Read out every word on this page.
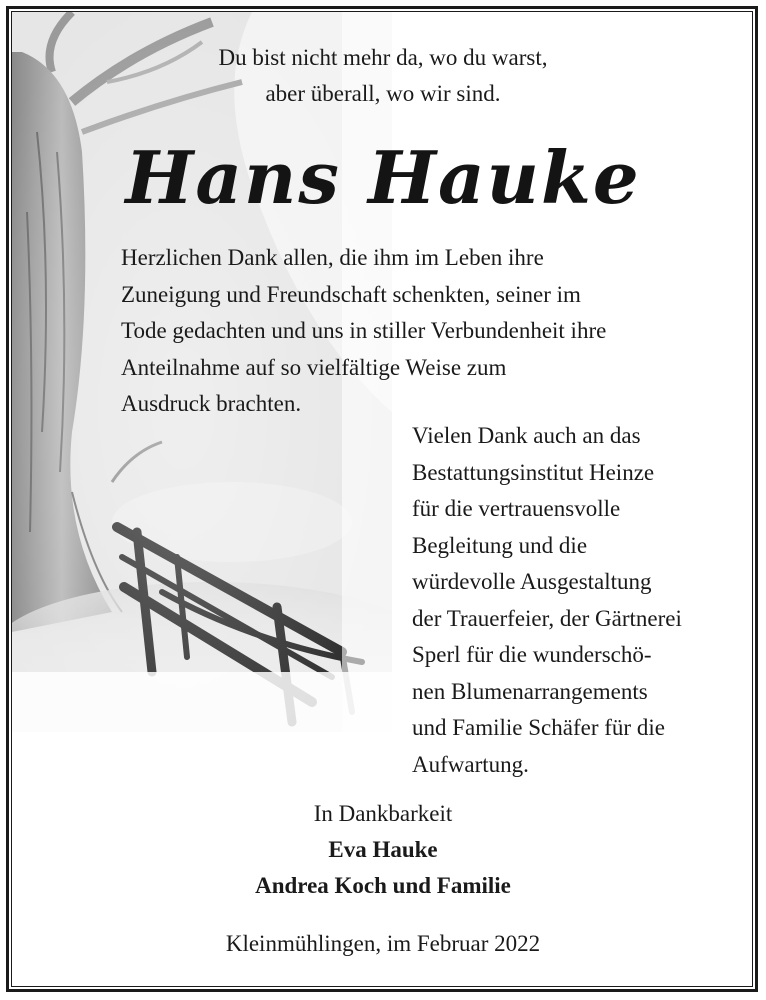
Du bist nicht mehr da, wo du warst,
aber überall, wo wir sind.

Hans Hauke

Herzlichen Dank allen, die ihm im Leben ihre
Zuneigung und Freundschaft schenkten, seiner im
Tode gedachten und uns in stiller Verbundenheit ihre
Anteilnahme auf so vielfältige Weise zum
Ausdruck brachten.

Vielen Dank auch an das
Bestattungsinstitut Heinze
für die vertrauensvolle
Begleitung und die
würdevolle Ausgestaltung
der Trauerfeier, der Gärtnerei
Sperl für die wunderschö-
nen Blumenarrangements
und Familie Schäfer für die
Aufwartung.

In Dankbarkeit
Eva Hauke
Andrea Koch und Familie

Kleinmühlingen, im Februar 2022
